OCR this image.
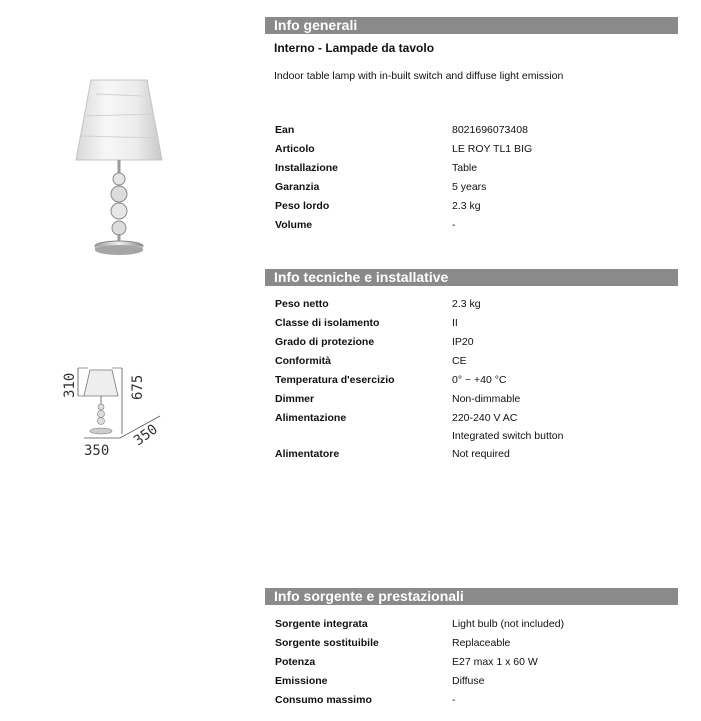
310	675
350
350
Info generali
Interno - Lampade da tavolo
Indoor table lamp with in-built switch and diffuse light emission
Ean	8021696073408
Articolo	LE ROY TL1 BIG
Installazione	Table
Garanzia	5 years
Peso lordo	2.3 kg
Volume	-
Info tecniche e installative
Peso netto	2.3 kg
Classe di isolamento	II
Grado di protezione	IP20
Conformità	CE
Temperatura d'esercizio	0° ~ +40 °C
Dimmer	Non-dimmable
Alimentazione	220-240 V AC
Integrated switch button
Alimentatore	Not required
Info sorgente e prestazionali
Sorgente integrata	Light bulb (not included)
Sorgente sostituibile	Replaceable
Potenza	E27 max 1 x 60 W
Emissione	Diffuse
Consumo massimo	-
